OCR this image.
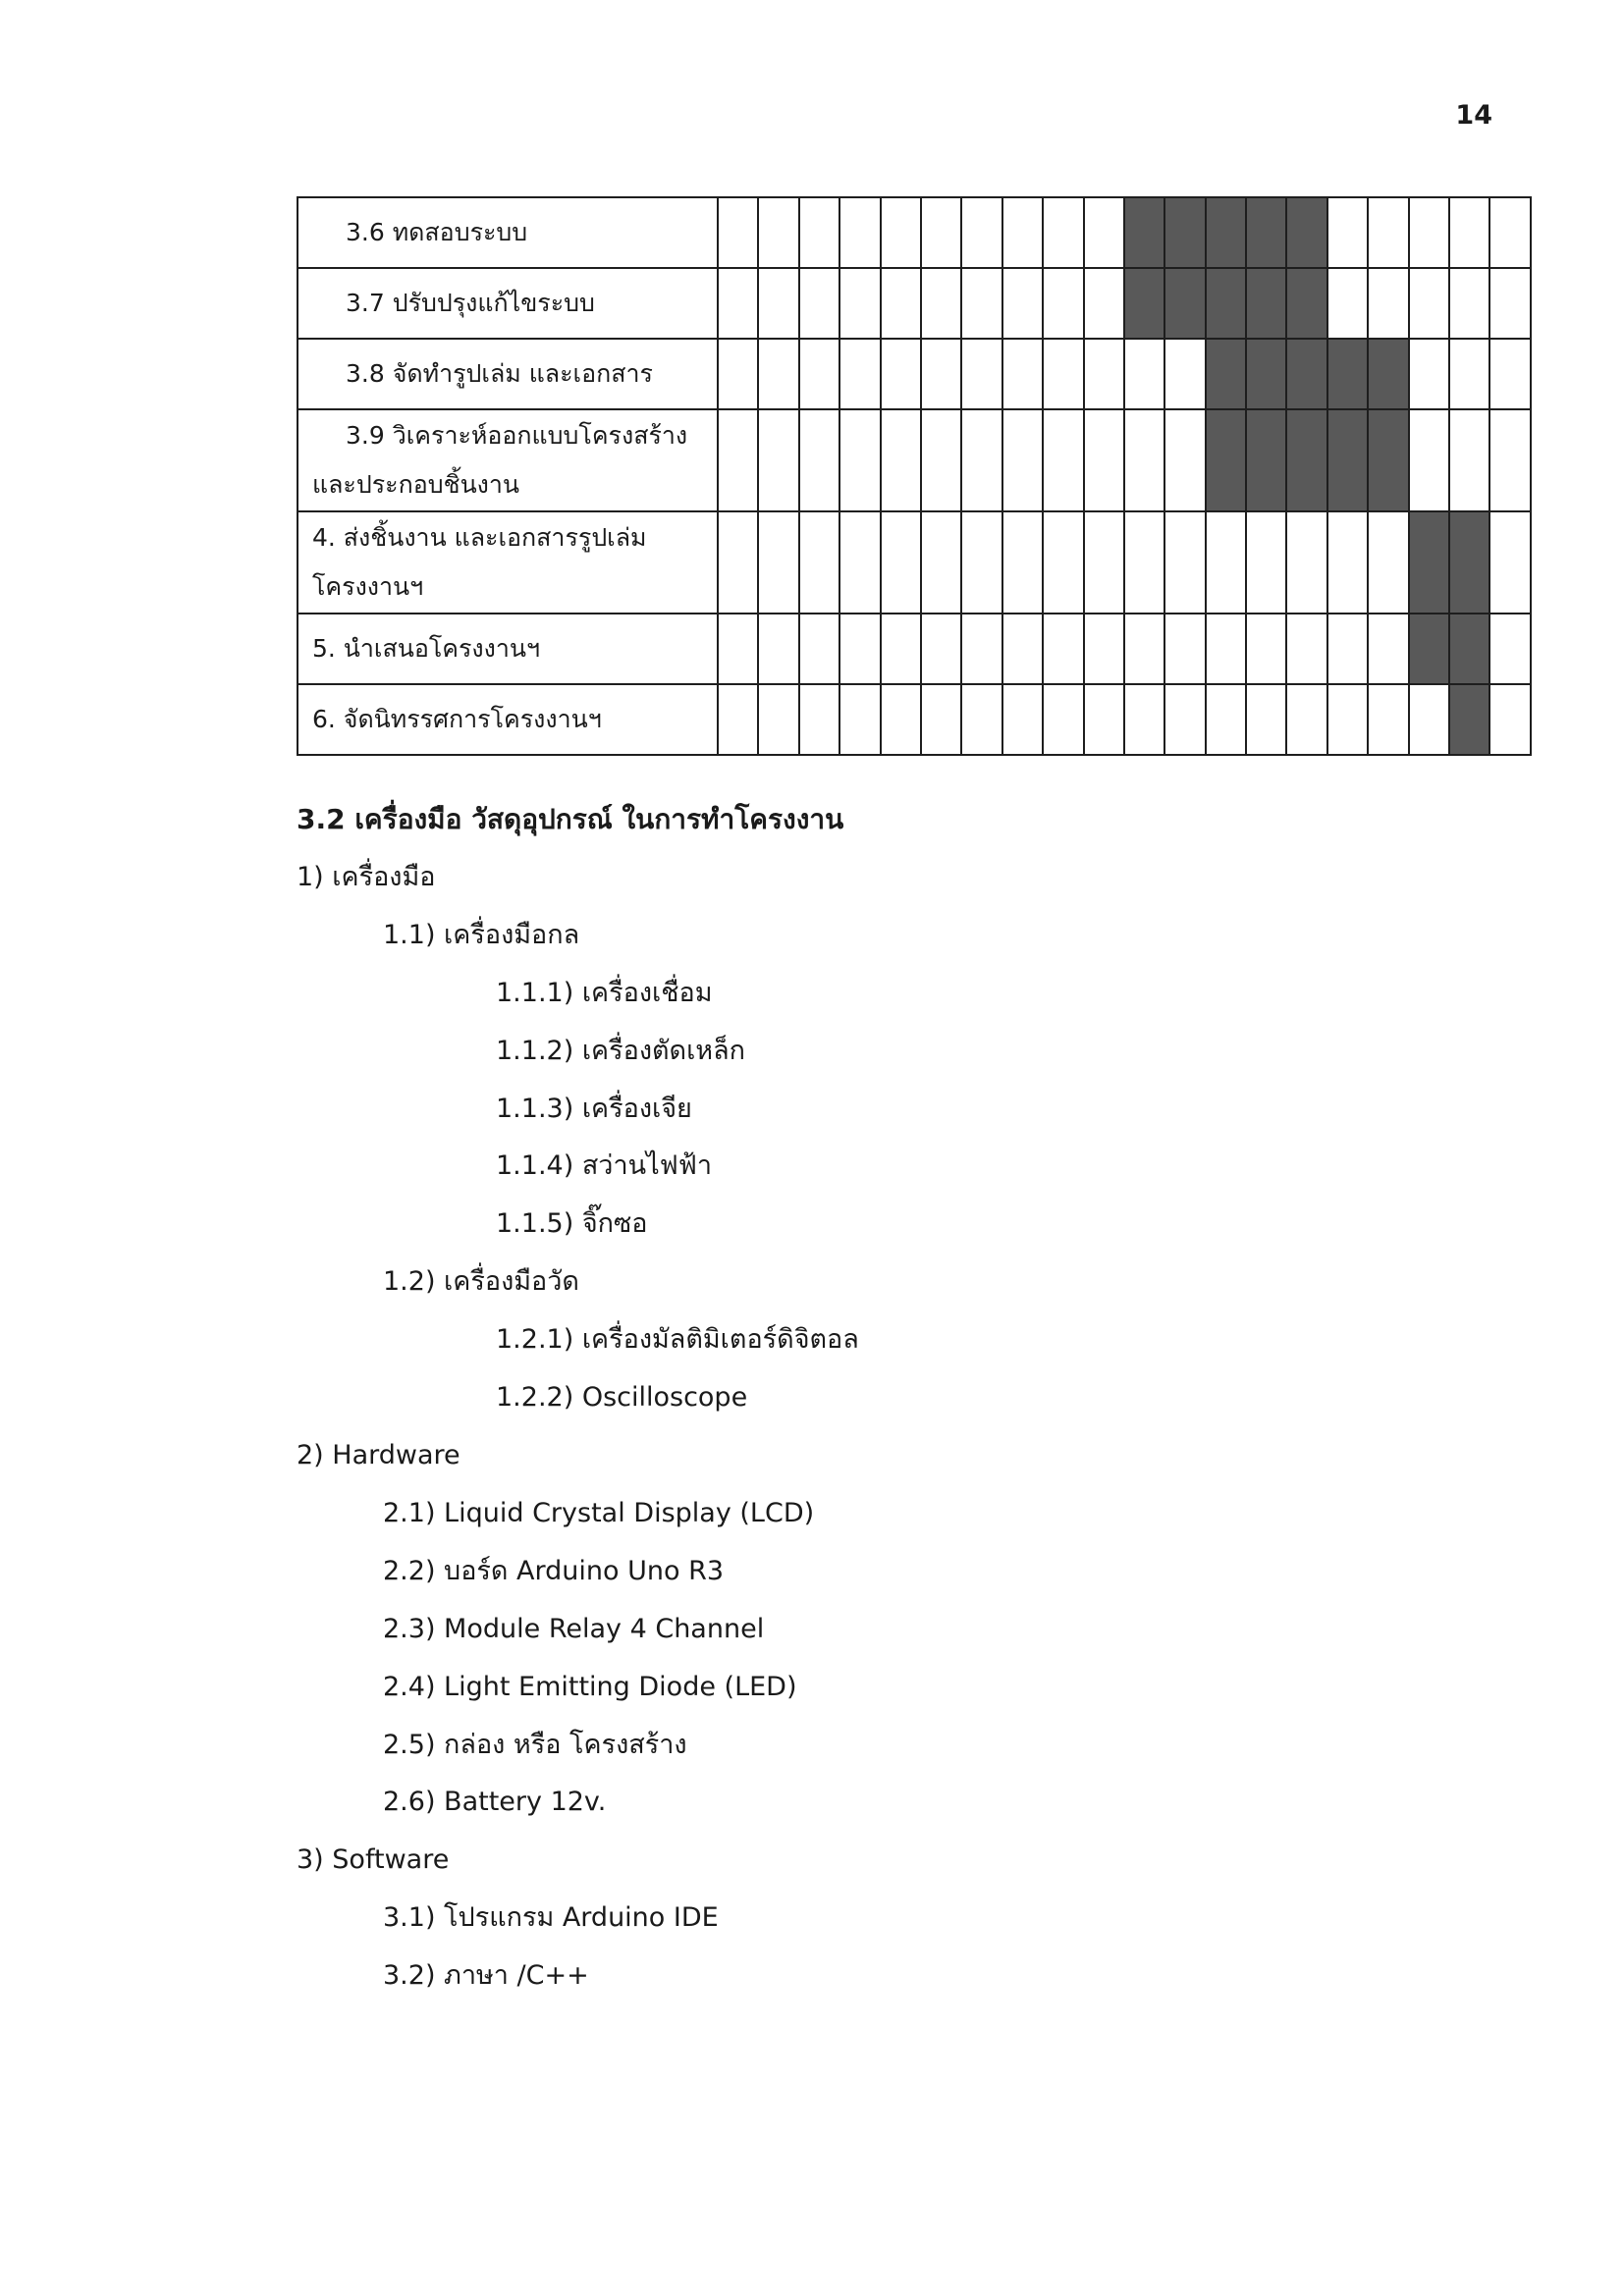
14
3.6 ทดสอบระบบ																				
3.7 ปรับปรุงแก้ไขระบบ																				
3.8 จัดทำรูปเล่ม และเอกสาร																				
3.9 วิเคราะห์ออกแบบโครงสร้าง
และประกอบชิ้นงาน																				

4. ส่งชิ้นงาน และเอกสารรูปเล่ม
โครงงานฯ																				

5. นำเสนอโครงงานฯ																				
6. จัดนิทรรศการโครงงานฯ																				
3.2 เครื่องมือ วัสดุอุปกรณ์ ในการทำโครงงาน
1) เครื่องมือ
1.1) เครื่องมือกล
1.1.1) เครื่องเชื่อม
1.1.2) เครื่องตัดเหล็ก
1.1.3) เครื่องเจีย
1.1.4) สว่านไฟฟ้า
1.1.5) จิ๊กซอ
1.2) เครื่องมือวัด
1.2.1) เครื่องมัลติมิเตอร์ดิจิตอล
1.2.2) Oscilloscope
2) Hardware
2.1) Liquid Crystal Display (LCD)
2.2) บอร์ด Arduino Uno R3
2.3) Module Relay 4 Channel
2.4) Light Emitting Diode (LED)
2.5) กล่อง หรือ โครงสร้าง
2.6) Battery 12v.
3) Software
3.1) โปรแกรม Arduino IDE
3.2) ภาษา /C++
